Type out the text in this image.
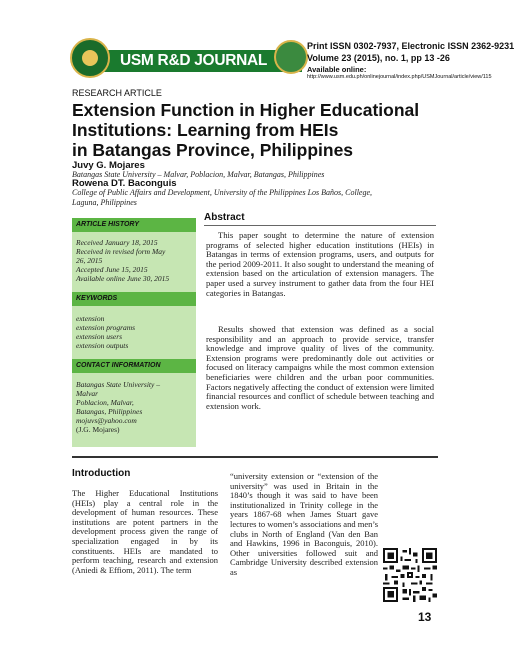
USM R&D JOURNAL
Print ISSN 0302-7937, Electronic ISSN 2362-9231
Volume 23 (2015), no. 1, pp 13 -26
Available online:
http://www.usm.edu.ph/onlinejournal/index.php/USMJournal/article/view/115
RESEARCH ARTICLE
Extension Function in Higher Educational
Institutions: Learning from HEIs
in Batangas Province, Philippines
Juvy G. Mojares
Batangas State University – Malvar, Poblacion, Malvar, Batangas, Philippines
Rowena DT. Baconguis
College of Public Affairs and Development, University of the Philippines Los Baños, College,
Laguna, Philippines
ARTICLE HISTORY
Received January 18, 2015
Received in revised form May
26, 2015
Accepted June 15, 2015
Available online June 30, 2015
KEYWORDS
extension
extension programs
extension users
extension outputs
CONTACT INFORMATION
Batangas State University –
Malvar
Poblacion, Malvar,
Batangas, Philippines
mojuvs@yahoo.com
(J.G. Mojares)
Abstract
This paper sought to determine the nature of extension programs of selected higher education institutions (HEIs) in Batangas in terms of extension programs, users, and outputs for the period 2009-2011. It also sought to understand the meaning of extension based on the articulation of extension managers. The paper used a survey instrument to gather data from the four HEI categories in Batangas.
Results showed that extension was defined as a social responsibility and an approach to provide service, transfer knowledge and improve quality of lives of the community. Extension programs were predominantly dole out activities or focused on literacy campaigns while the most common extension beneficiaries were children and the urban poor communities. Factors negatively affecting the conduct of extension were limited financial resources and conflict of schedule between teaching and extension work.
Introduction
The Higher Educational Institutions (HEIs) play a central role in the development of human resources. These institutions are potent partners in the development process given the range of specialization engaged in by its constituents. HEIs are mandated to perform teaching, research and extension (Aniedi & Effiom, 2011). The term
“university extension or “extension of the university” was used in Britain in the 1840’s though it was said to have been institutionalized in Trinity college in the years 1867-68 when James Stuart gave lectures to women’s associations and men’s clubs in North of England (Van den Ban and Hawkins, 1996 in Baconguis, 2010). Other universities followed suit and Cambridge University described extension as
13
